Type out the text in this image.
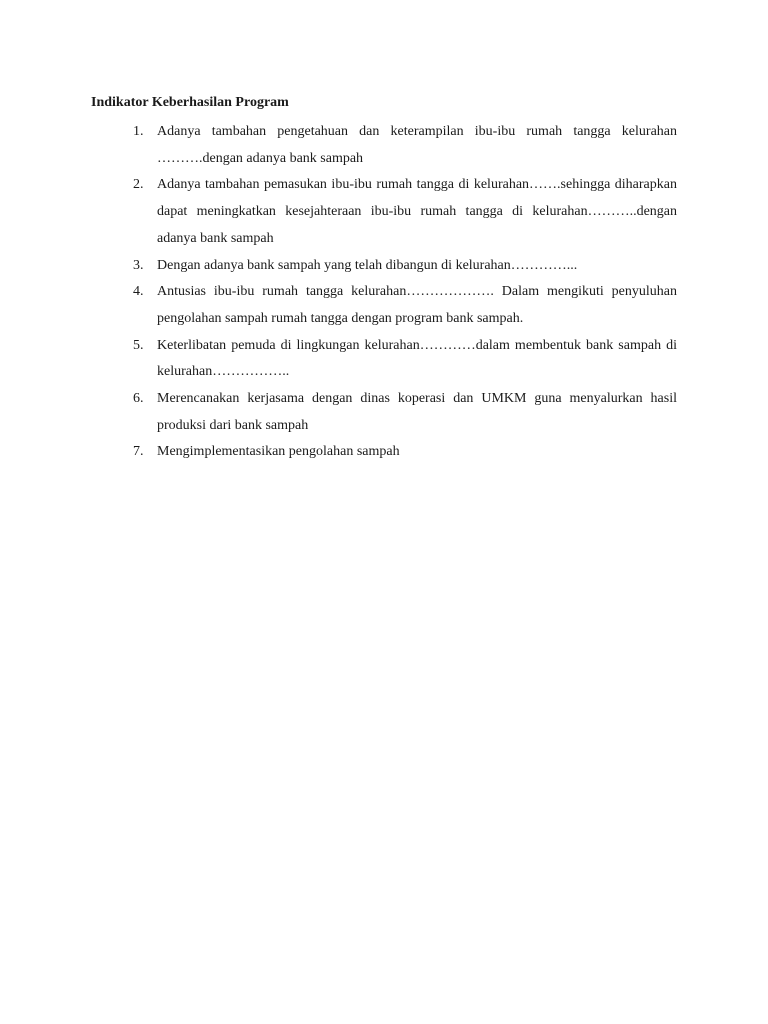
Indikator Keberhasilan Program
1. Adanya tambahan pengetahuan dan keterampilan ibu-ibu rumah tangga kelurahan ……….dengan adanya bank sampah
2. Adanya tambahan pemasukan ibu-ibu rumah tangga di kelurahan…….sehingga diharapkan dapat meningkatkan kesejahteraan ibu-ibu rumah tangga di kelurahan………..dengan adanya bank sampah
3. Dengan adanya bank sampah yang telah dibangun di kelurahan…………...
4. Antusias ibu-ibu rumah tangga kelurahan………………. Dalam mengikuti penyuluhan pengolahan sampah rumah tangga dengan program bank sampah.
5. Keterlibatan pemuda di lingkungan kelurahan…………dalam membentuk bank sampah di kelurahan……………..
6. Merencanakan kerjasama dengan dinas koperasi dan UMKM guna menyalurkan hasil produksi dari bank sampah
7. Mengimplementasikan pengolahan sampah
